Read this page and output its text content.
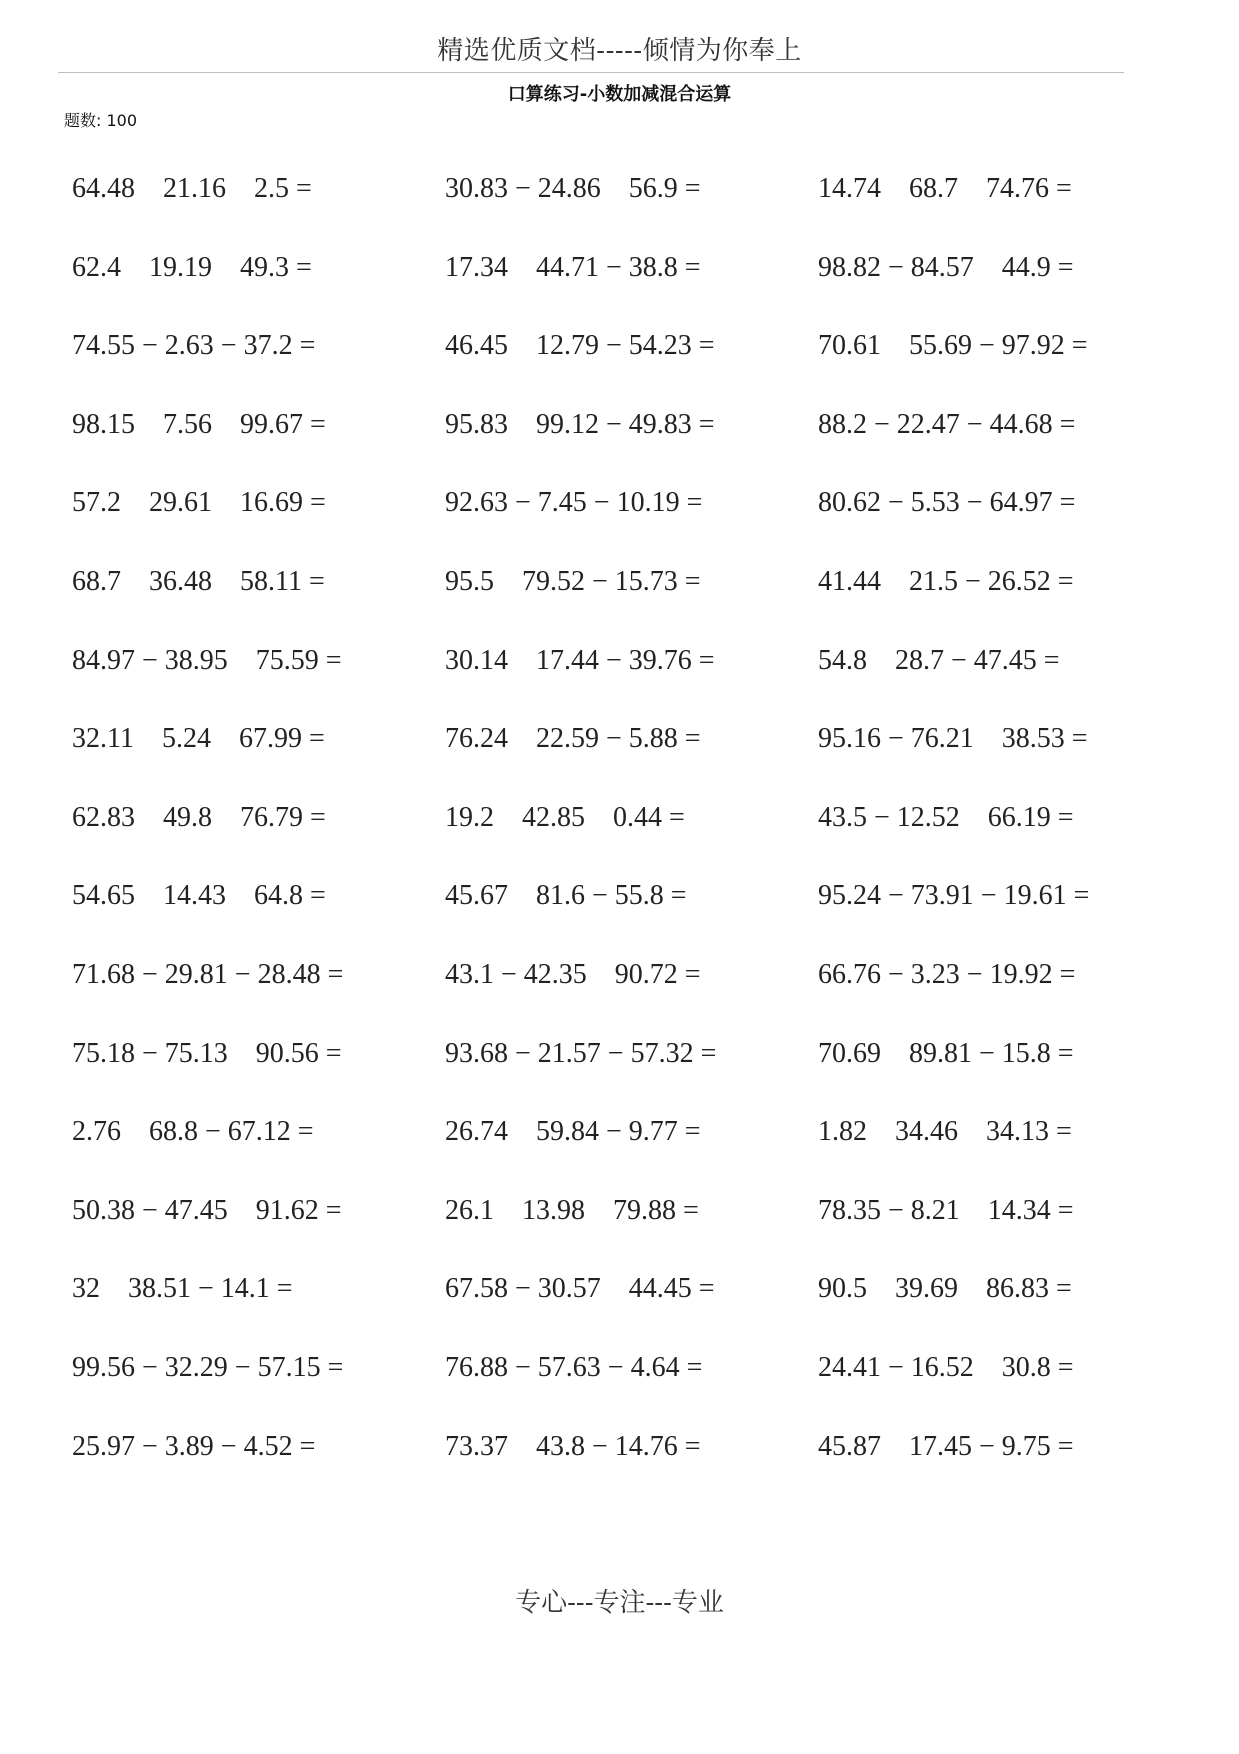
精选优质文档-----倾情为你奉上
口算练习-小数加减混合运算
题数: 100
64.48　21.16　2.5 =	30.83 − 24.86　56.9 =	14.74　68.7　74.76 =
62.4　19.19　49.3 =	17.34　44.71 − 38.8 =	98.82 − 84.57　44.9 =
74.55 − 2.63 − 37.2 =	46.45　12.79 − 54.23 =	70.61　55.69 − 97.92 =
98.15　7.56　99.67 =	95.83　99.12 − 49.83 =	88.2 − 22.47 − 44.68 =
57.2　29.61　16.69 =	92.63 − 7.45 − 10.19 =	80.62 − 5.53 − 64.97 =
68.7　36.48　58.11 =	95.5　79.52 − 15.73 =	41.44　21.5 − 26.52 =
84.97 − 38.95　75.59 =	30.14　17.44 − 39.76 =	54.8　28.7 − 47.45 =
32.11　5.24　67.99 =	76.24　22.59 − 5.88 =	95.16 − 76.21　38.53 =
62.83　49.8　76.79 =	19.2　42.85　0.44 =	43.5 − 12.52　66.19 =
54.65　14.43　64.8 =	45.67　81.6 − 55.8 =	95.24 − 73.91 − 19.61 =
71.68 − 29.81 − 28.48 =	43.1 − 42.35　90.72 =	66.76 − 3.23 − 19.92 =
75.18 − 75.13　90.56 =	93.68 − 21.57 − 57.32 =	70.69　89.81 − 15.8 =
2.76　68.8 − 67.12 =	26.74　59.84 − 9.77 =	1.82　34.46　34.13 =
50.38 − 47.45　91.62 =	26.1　13.98　79.88 =	78.35 − 8.21　14.34 =
32　38.51 − 14.1 =	67.58 − 30.57　44.45 =	90.5　39.69　86.83 =
99.56 − 32.29 − 57.15 =	76.88 − 57.63 − 4.64 =	24.41 − 16.52　30.8 =
25.97 − 3.89 − 4.52 =	73.37　43.8 − 14.76 =	45.87　17.45 − 9.75 =
专心---专注---专业
